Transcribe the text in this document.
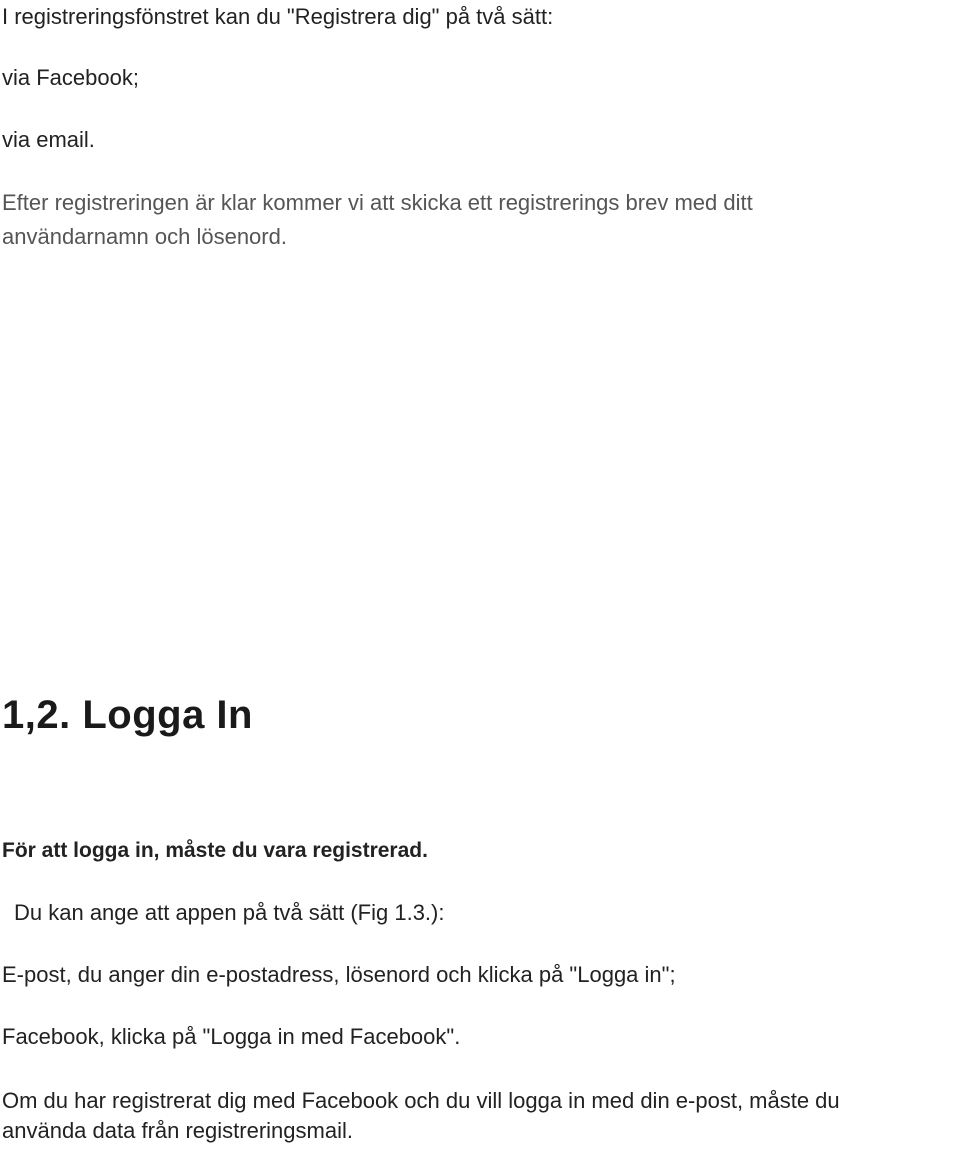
I registreringsfönstret kan du "Registrera dig" på två sätt:

via Facebook;

via email.

Efter registreringen är klar kommer vi att skicka ett registrerings brev med ditt

användarnamn och lösenord.

1,2. Logga In

För att logga in, måste du vara registrerad.

Du kan ange att appen på två sätt (Fig 1.3.):

E-post, du anger din e-postadress, lösenord och klicka på "Logga in";

Facebook, klicka på "Logga in med Facebook".

Om du har registrerat dig med Facebook och du vill logga in med din e-post, måste du

använda data från registreringsmail.
